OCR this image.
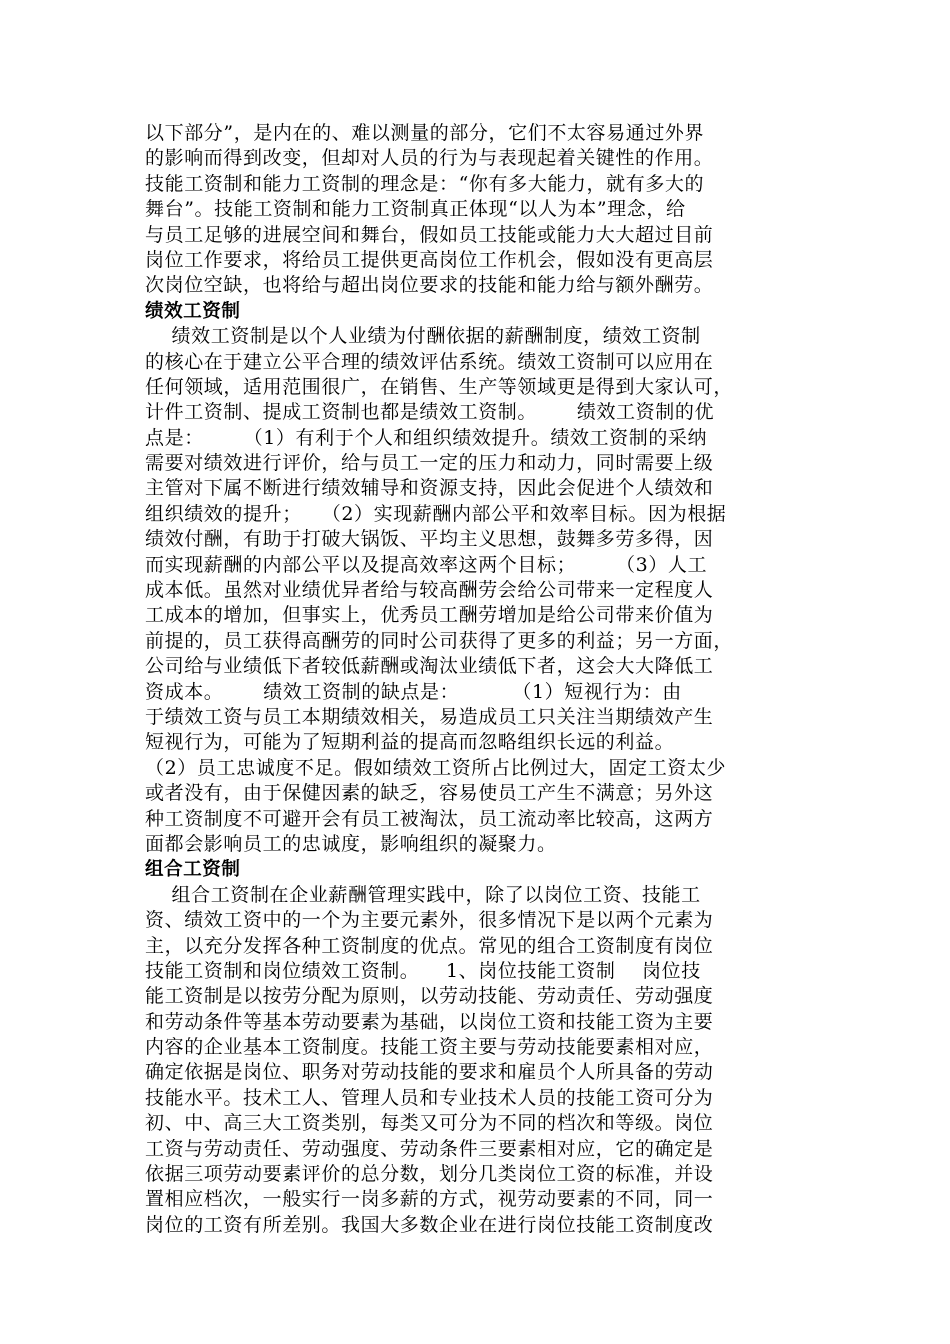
以下部分”，是内在的、难以测量的部分，它们不太容易通过外界
的影响而得到改变，但却对人员的行为与表现起着关键性的作用。
技能工资制和能力工资制的理念是：“你有多大能力，就有多大的
舞台”。技能工资制和能力工资制真正体现“以人为本”理念，给
与员工足够的进展空间和舞台，假如员工技能或能力大大超过目前
岗位工作要求，将给员工提供更高岗位工作机会，假如没有更高层
次岗位空缺，也将给与超出岗位要求的技能和能力给与额外酬劳。
绩效工资制
绩效工资制是以个人业绩为付酬依据的薪酬制度，绩效工资制
的核心在于建立公平合理的绩效评估系统。绩效工资制可以应用在
任何领域，适用范围很广，在销售、生产等领域更是得到大家认可，
计件工资制、提成工资制也都是绩效工资制。      绩效工资制的优
点是：      （1）有利于个人和组织绩效提升。绩效工资制的采纳
需要对绩效进行评价，给与员工一定的压力和动力，同时需要上级
主管对下属不断进行绩效辅导和资源支持，因此会促进个人绩效和
组织绩效的提升；   （2）实现薪酬内部公平和效率目标。因为根据
绩效付酬，有助于打破大锅饭、平均主义思想，鼓舞多劳多得，因
而实现薪酬的内部公平以及提高效率这两个目标；      （3）人工
成本低。虽然对业绩优异者给与较高酬劳会给公司带来一定程度人
工成本的增加，但事实上，优秀员工酬劳增加是给公司带来价值为
前提的，员工获得高酬劳的同时公司获得了更多的利益；另一方面，
公司给与业绩低下者较低薪酬或淘汰业绩低下者，这会大大降低工
资成本。      绩效工资制的缺点是：        （1）短视行为：由
于绩效工资与员工本期绩效相关，易造成员工只关注当期绩效产生
短视行为，可能为了短期利益的提高而忽略组织长远的利益。
（2）员工忠诚度不足。假如绩效工资所占比例过大，固定工资太少
或者没有，由于保健因素的缺乏，容易使员工产生不满意；另外这
种工资制度不可避开会有员工被淘汰，员工流动率比较高，这两方
面都会影响员工的忠诚度，影响组织的凝聚力。
组合工资制
组合工资制在企业薪酬管理实践中，除了以岗位工资、技能工
资、绩效工资中的一个为主要元素外，很多情况下是以两个元素为
主，以充分发挥各种工资制度的优点。常见的组合工资制度有岗位
技能工资制和岗位绩效工资制。    1、岗位技能工资制    岗位技
能工资制是以按劳分配为原则，以劳动技能、劳动责任、劳动强度
和劳动条件等基本劳动要素为基础，以岗位工资和技能工资为主要
内容的企业基本工资制度。技能工资主要与劳动技能要素相对应，
确定依据是岗位、职务对劳动技能的要求和雇员个人所具备的劳动
技能水平。技术工人、管理人员和专业技术人员的技能工资可分为
初、中、高三大工资类别，每类又可分为不同的档次和等级。岗位
工资与劳动责任、劳动强度、劳动条件三要素相对应，它的确定是
依据三项劳动要素评价的总分数，划分几类岗位工资的标准，并设
置相应档次，一般实行一岗多薪的方式，视劳动要素的不同，同一
岗位的工资有所差别。我国大多数企业在进行岗位技能工资制度改
